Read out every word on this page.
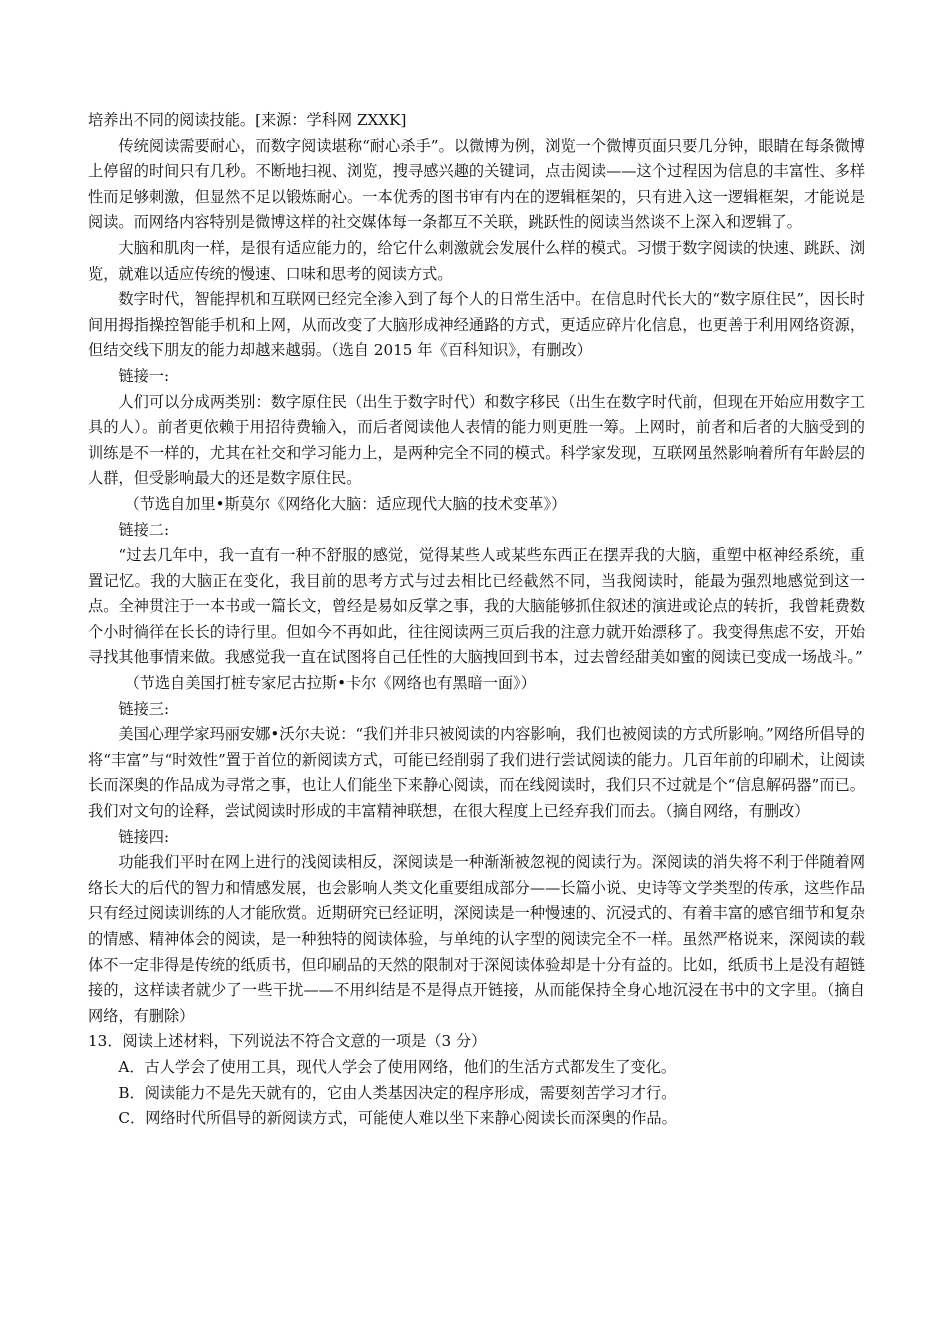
培养出不同的阅读技能。[来源：学科网 ZXXK]

传统阅读需要耐心，而数字阅读堪称“耐心杀手”。以微博为例，浏览一个微博页面只要几分钟，眼睛在每条微博上停留的时间只有几秒。不断地扫视、浏览，搜寻感兴趣的关键词，点击阅读——这个过程因为信息的丰富性、多样性而足够刺激，但显然不足以锻炼耐心。一本优秀的图书审有内在的逻辑框架的，只有进入这一逻辑框架，才能说是阅读。而网络内容特别是微博这样的社交媒体每一条都互不关联，跳跃性的阅读当然谈不上深入和逻辑了。

大脑和肌肉一样，是很有适应能力的，给它什么刺激就会发展什么样的模式。习惯于数字阅读的快速、跳跃、浏览，就难以适应传统的慢速、口味和思考的阅读方式。

数字时代，智能捍机和互联网已经完全渗入到了每个人的日常生活中。在信息时代长大的“数字原住民”，因长时间用拇指操控智能手机和上网，从而改变了大脑形成神经通路的方式，更适应碎片化信息，也更善于利用网络资源，但结交线下朋友的能力却越来越弱。（选自 2015 年《百科知识》，有删改）

链接一:

人们可以分成两类别：数字原住民（出生于数字时代）和数字移民（出生在数字时代前，但现在开始应用数字工具的人）。前者更依赖于用招待费输入，而后者阅读他人表情的能力则更胜一筹。上网时，前者和后者的大脑受到的训练是不一样的，尤其在社交和学习能力上，是两种完全不同的模式。科学家发现，互联网虽然影响着所有年龄层的人群，但受影响最大的还是数字原住民。

（节选自加里•斯莫尔《网络化大脑：适应现代大脑的技术变革》）

链接二:

“过去几年中，我一直有一种不舒服的感觉，觉得某些人或某些东西正在摆弄我的大脑，重塑中枢神经系统，重置记忆。我的大脑正在变化，我目前的思考方式与过去相比已经截然不同，当我阅读时，能最为强烈地感觉到这一点。全神贯注于一本书或一篇长文，曾经是易如反掌之事，我的大脑能够抓住叙述的演进或论点的转折，我曾耗费数个小时徜徉在长长的诗行里。但如今不再如此，往往阅读两三页后我的注意力就开始漂移了。我变得焦虑不安，开始寻找其他事情来做。我感觉我一直在试图将自己任性的大脑拽回到书本，过去曾经甜美如蜜的阅读已变成一场战斗。”

（节选自美国打桩专家尼古拉斯•卡尔《网络也有黑暗一面》）

链接三:

美国心理学家玛丽安娜•沃尔夫说：“我们并非只被阅读的内容影响，我们也被阅读的方式所影响。”网络所倡导的将“丰富”与“时效性”置于首位的新阅读方式，可能已经削弱了我们进行尝试阅读的能力。几百年前的印刷术，让阅读长而深奥的作品成为寻常之事，也让人们能坐下来静心阅读，而在线阅读时，我们只不过就是个“信息解码器”而已。我们对文句的诠释，尝试阅读时形成的丰富精神联想，在很大程度上已经弃我们而去。（摘自网络，有删改）

链接四:

功能我们平时在网上进行的浅阅读相反，深阅读是一种渐渐被忽视的阅读行为。深阅读的消失将不利于伴随着网络长大的后代的智力和情感发展，也会影响人类文化重要组成部分——长篇小说、史诗等文学类型的传承，这些作品只有经过阅读训练的人才能欣赏。近期研究已经证明，深阅读是一种慢速的、沉浸式的、有着丰富的感官细节和复杂的情感、精神体会的阅读，是一种独特的阅读体验，与单纯的认字型的阅读完全不一样。虽然严格说来，深阅读的载体不一定非得是传统的纸质书，但印刷品的天然的限制对于深阅读体验却是十分有益的。比如，纸质书上是没有超链接的，这样读者就少了一些干扰——不用纠结是不是得点开链接，从而能保持全身心地沉浸在书中的文字里。（摘自网络，有删除）

13．阅读上述材料，下列说法不符合文意的一项是（3 分）

A．古人学会了使用工具，现代人学会了使用网络，他们的生活方式都发生了变化。

B．阅读能力不是先天就有的，它由人类基因决定的程序形成，需要刻苦学习才行。

C．网络时代所倡导的新阅读方式，可能使人难以坐下来静心阅读长而深奥的作品。
